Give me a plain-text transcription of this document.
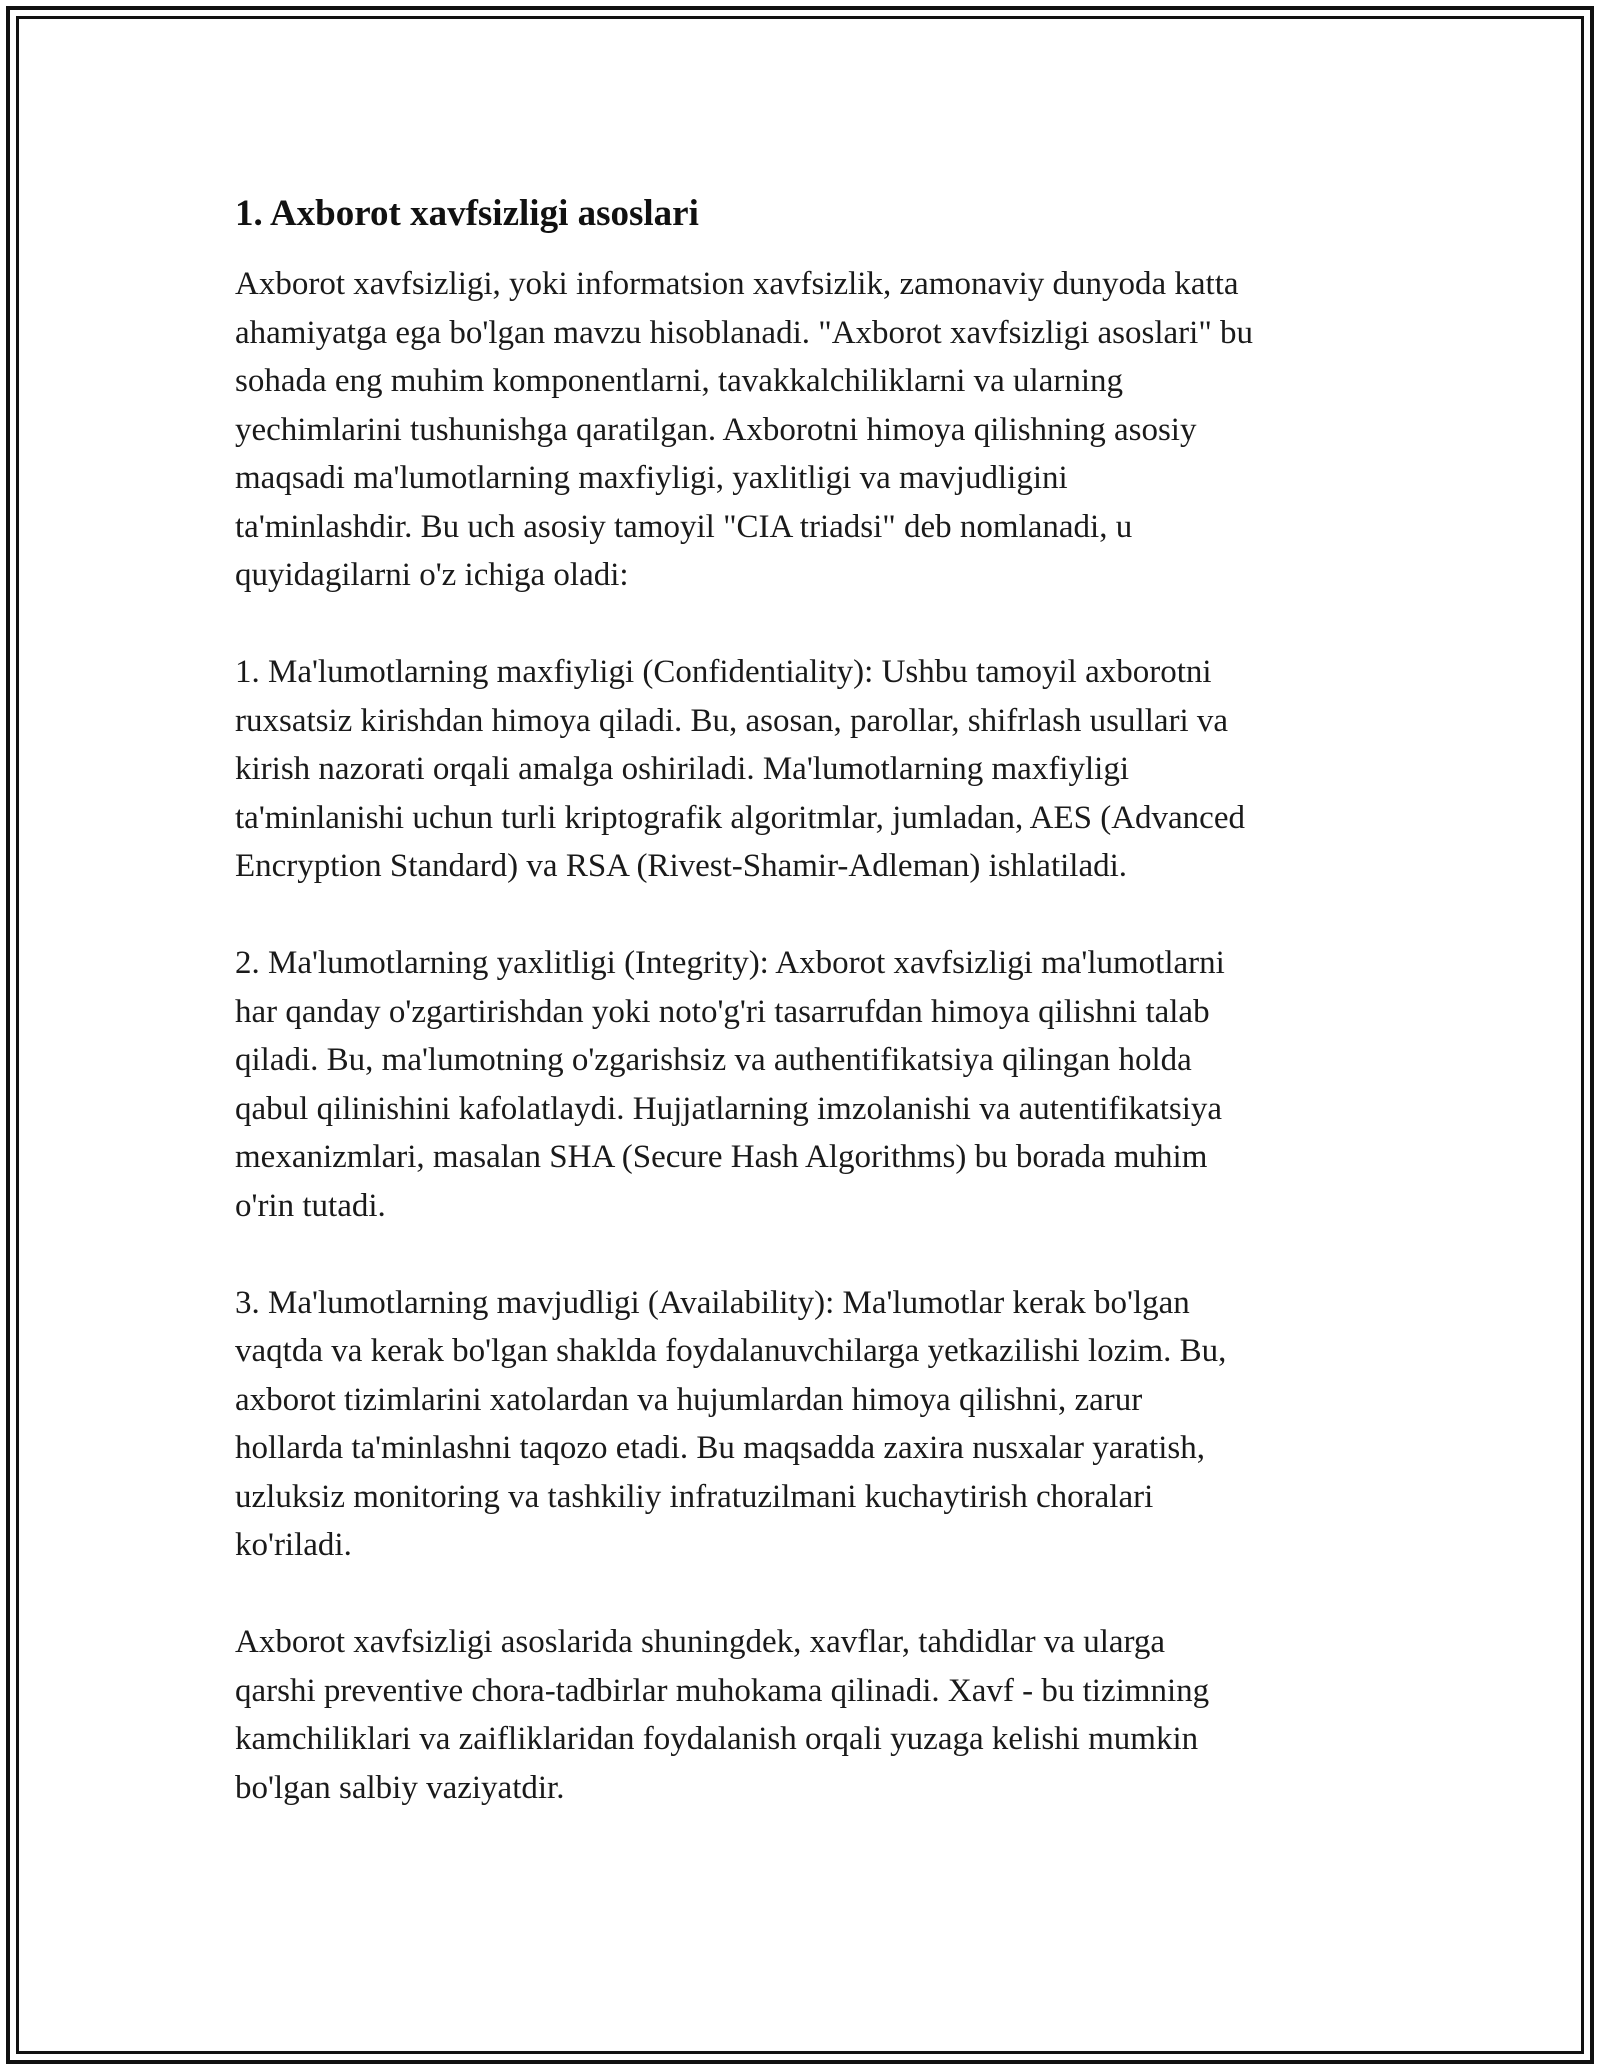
1. Axborot xavfsizligi asoslari

Axborot xavfsizligi, yoki informatsion xavfsizlik, zamonaviy dunyoda katta
ahamiyatga ega bo'lgan mavzu hisoblanadi. "Axborot xavfsizligi asoslari" bu
sohada eng muhim komponentlarni, tavakkalchiliklarni va ularning
yechimlarini tushunishga qaratilgan. Axborotni himoya qilishning asosiy
maqsadi ma'lumotlarning maxfiyligi, yaxlitligi va mavjudligini
ta'minlashdir. Bu uch asosiy tamoyil "CIA triadsi" deb nomlanadi, u
quyidagilarni o'z ichiga oladi:

1. Ma'lumotlarning maxfiyligi (Confidentiality): Ushbu tamoyil axborotni
ruxsatsiz kirishdan himoya qiladi. Bu, asosan, parollar, shifrlash usullari va
kirish nazorati orqali amalga oshiriladi. Ma'lumotlarning maxfiyligi
ta'minlanishi uchun turli kriptografik algoritmlar, jumladan, AES (Advanced
Encryption Standard) va RSA (Rivest-Shamir-Adleman) ishlatiladi.

2. Ma'lumotlarning yaxlitligi (Integrity): Axborot xavfsizligi ma'lumotlarni
har qanday o'zgartirishdan yoki noto'g'ri tasarrufdan himoya qilishni talab
qiladi. Bu, ma'lumotning o'zgarishsiz va authentifikatsiya qilingan holda
qabul qilinishini kafolatlaydi. Hujjatlarning imzolanishi va autentifikatsiya
mexanizmlari, masalan SHA (Secure Hash Algorithms) bu borada muhim
o'rin tutadi.

3. Ma'lumotlarning mavjudligi (Availability): Ma'lumotlar kerak bo'lgan
vaqtda va kerak bo'lgan shaklda foydalanuvchilarga yetkazilishi lozim. Bu,
axborot tizimlarini xatolardan va hujumlardan himoya qilishni, zarur
hollarda ta'minlashni taqozo etadi. Bu maqsadda zaxira nusxalar yaratish,
uzluksiz monitoring va tashkiliy infratuzilmani kuchaytirish choralari
ko'riladi.

Axborot xavfsizligi asoslarida shuningdek, xavflar, tahdidlar va ularga
qarshi preventive chora-tadbirlar muhokama qilinadi. Xavf - bu tizimning
kamchiliklari va zaifliklaridan foydalanish orqali yuzaga kelishi mumkin
bo'lgan salbiy vaziyatdir.
